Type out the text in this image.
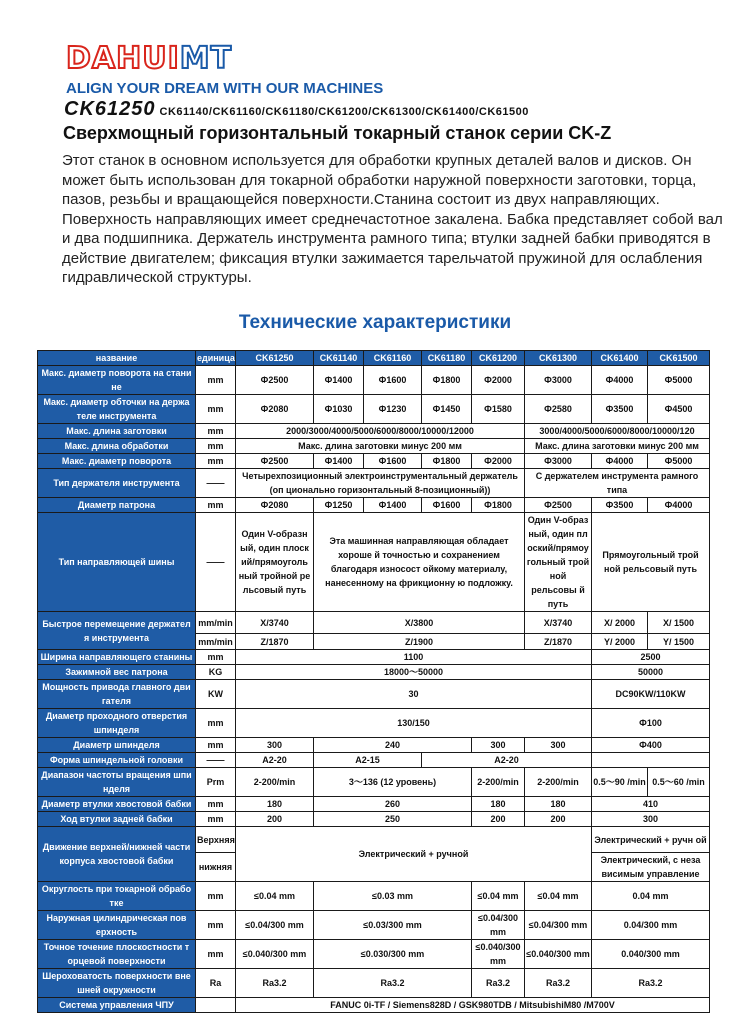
DAHUIMT
ALIGN YOUR DREAM WITH OUR MACHINES
CK61250 CK61140/CK61160/CK61180/CK61200/CK61300/CK61400/CK61500
Сверхмощный горизонтальный токарный станок серии CK-Z

Этот станок в основном используется для обработки крупных деталей валов и дисков. Он может быть использован для токарной обработки наружной поверхности заготовки, торца, пазов, резьбы и вращающейся поверхности.Станина состоит из двух направляющих. Поверхность направляющих имеет среднечастотное закалена. Бабка представляет собой вал и два подшипника. Держатель инструмента рамного типа; втулки задней бабки приводятся в действие двигателем; фиксация втулки зажимается тарельчатой пружиной для ослабления гидравлической структуры.

Технические характеристики
название	единица	CK61250	CK61140	CK61160	CK61180	CK61200	CK61300	CK61400	CK61500
Макс. диаметр поворота на стани не	mm	Ф2500	Ф1400	Ф1600	Ф1800	Ф2000	Ф3000	Ф4000	Ф5000
Макс. диаметр обточки на держа теле инструмента	mm	Ф2080	Ф1030	Ф1230	Ф1450	Ф1580	Ф2580	Ф3500	Ф4500
Макс. длина заготовки	mm	2000/3000/4000/5000/6000/8000/10000/12000					3000/4000/5000/6000/8000/10000/120		
Макс. длина обработки	mm	Макс. длина заготовки минус 200 мм					Макс. длина заготовки минус 200 мм		
Макс. диаметр поворота	mm	Ф2500	Ф1400	Ф1600	Ф1800	Ф2000	Ф3000	Ф4000	Ф5000
Тип держателя инструмента	——	Четырехпозиционный электроинструментальный держатель (оп циональнo горизонтальный 8-позиционный))					С держателем инструмента рамного типа		
Диаметр патрона	mm	Ф2080	Ф1250	Ф1400	Ф1600	Ф1800	Ф2500	Ф3500	Ф4000
Тип направляющей шины	——	Один V-образн ый, один плоск ий/прямоуголь ный тройной ре льсовый путь	Эта машинная направляющая обладает хороше й точностью и сохранением благодаря износост ойкому материалу, нанесенному на фрикционну ю подложку.				Один V-образ ный, один пл оский/прямоу гольный трой ной рельсовы й путь	Прямоугольный трой ной рельсовый путь	
Быстрое перемещение держател я инструмента	mm/min	X/3740	X/3800				X/3740	X/ 2000	X/ 1500
	mm/min	Z/1870	Z/1900				Z/1870	Y/ 2000	Y/ 1500
Ширина направляющего станины	mm	1100						2500	
Зажимной вес патрона	KG	18000～50000						50000	
Мощность привода главного дви гателя	KW	30						DC90KW/110KW	
Диаметр проходного отверстия шпинделя	mm	130/150						Ф100	
Диаметр шпинделя	mm	300	240			300	300	Ф400	
Форма шпиндельной головки	——	A2-20	A2-15		A2-20				
Диапазон частоты вращения шпи нделя	Prm	2-200/min	3～136 (12 уровень)			2-200/min	2-200/min	0.5～90 /min	0.5～60 /min
Диаметр втулки хвостовой бабки	mm	180	260			180	180	410	
Ход втулки задней бабки	mm	200	250			200	200	300	
Движение верхней/нижней части корпуса хвостовой бабки	Верхняя	Электрический + ручной						Электрический + ручн ой	
	нижняя							Электрический, с неза висимым управление	
Округлость при токарной обрабо тке	mm	≤0.04 mm	≤0.03 mm			≤0.04 mm	≤0.04 mm	0.04 mm	
Наружная цилиндрическая пов ерхность	mm	≤0.04/300 mm	≤0.03/300 mm			≤0.04/300 mm	≤0.04/300 mm	0.04/300 mm	
Точное точение плоскостности т орцевой поверхности	mm	≤0.040/300 mm	≤0.030/300 mm			≤0.040/300 mm	≤0.040/300 mm	0.040/300 mm	
Шероховатость поверхности вне шней окружности	Ra	Ra3.2	Ra3.2			Ra3.2	Ra3.2	Ra3.2	
Система управления ЧПУ		FANUC 0i-TF / Siemens828D / GSK980TDB / MitsubishiM80 /M700V							
